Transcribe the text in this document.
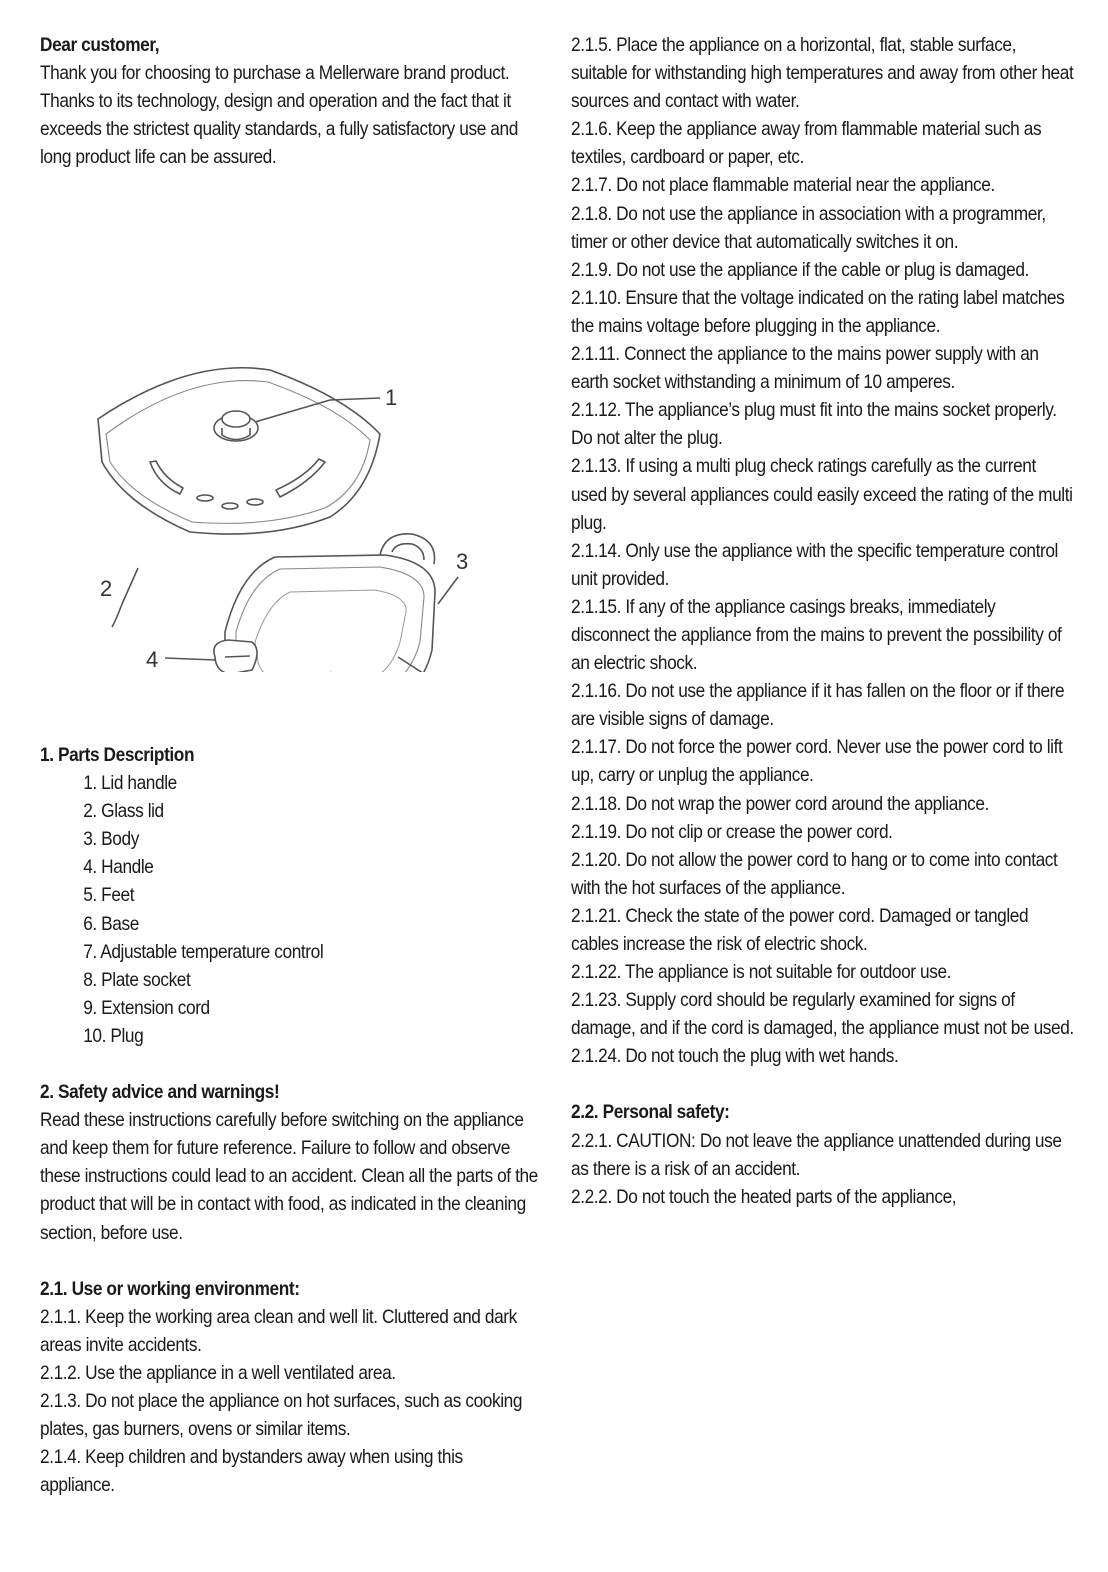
Dear customer,

Thank you for choosing to purchase a Mellerware brand product. Thanks to its technology, design and operation and the fact that it exceeds the strictest quality standards, a fully satisfactory use and long product life can be assured.

1
2
3
4

1. Parts Description

1. Lid handle

2. Glass lid

3. Body

4. Handle

5. Feet

6. Base

7. Adjustable temperature control

8. Plate socket

9. Extension cord

10. Plug

2. Safety advice and warnings!

Read these instructions carefully before switching on the appliance and keep them for future reference. Failure to follow and observe these instructions could lead to an accident. Clean all the parts of the product that will be in contact with food, as indicated in the cleaning section, before use.

2.1. Use or working environment:

2.1.1. Keep the working area clean and well lit. Cluttered and dark areas invite accidents.

2.1.2. Use the appliance in a well ventilated area.

2.1.3. Do not place the appliance on hot surfaces, such as cooking plates, gas burners, ovens or similar items.

2.1.4. Keep children and bystanders away when using this appliance.

2.1.5. Place the appliance on a horizontal, flat, stable surface, suitable for withstanding high temperatures and away from other heat sources and contact with water.

2.1.6. Keep the appliance away from flammable material such as textiles, cardboard or paper, etc.

2.1.7. Do not place flammable material near the appliance.

2.1.8. Do not use the appliance in association with a programmer, timer or other device that automatically switches it on.

2.1.9. Do not use the appliance if the cable or plug is damaged.

2.1.10. Ensure that the voltage indicated on the rating label matches the mains voltage before plugging in the appliance.

2.1.11. Connect the appliance to the mains power supply with an earth socket withstanding a minimum of 10 amperes.

2.1.12. The appliance’s plug must fit into the mains socket properly. Do not alter the plug.

2.1.13. If using a multi plug check ratings carefully as the current used by several appliances could easily exceed the rating of the multi plug.

2.1.14. Only use the appliance with the specific temperature control unit provided.

2.1.15. If any of the appliance casings breaks, immediately disconnect the appliance from the mains to prevent the possibility of an electric shock.

2.1.16. Do not use the appliance if it has fallen on the floor or if there are visible signs of damage.

2.1.17. Do not force the power cord. Never use the power cord to lift up, carry or unplug the appliance.

2.1.18. Do not wrap the power cord around the appliance.

2.1.19. Do not clip or crease the power cord.

2.1.20. Do not allow the power cord to hang or to come into contact with the hot surfaces of the appliance.

2.1.21. Check the state of the power cord. Damaged or tangled cables increase the risk of electric shock.

2.1.22. The appliance is not suitable for outdoor use.

2.1.23. Supply cord should be regularly examined for signs of damage, and if the cord is damaged, the appliance must not be used.

2.1.24. Do not touch the plug with wet hands.

2.2. Personal safety:

2.2.1. CAUTION: Do not leave the appliance unattended during use as there is a risk of an accident.

2.2.2. Do not touch the heated parts of the appliance,
